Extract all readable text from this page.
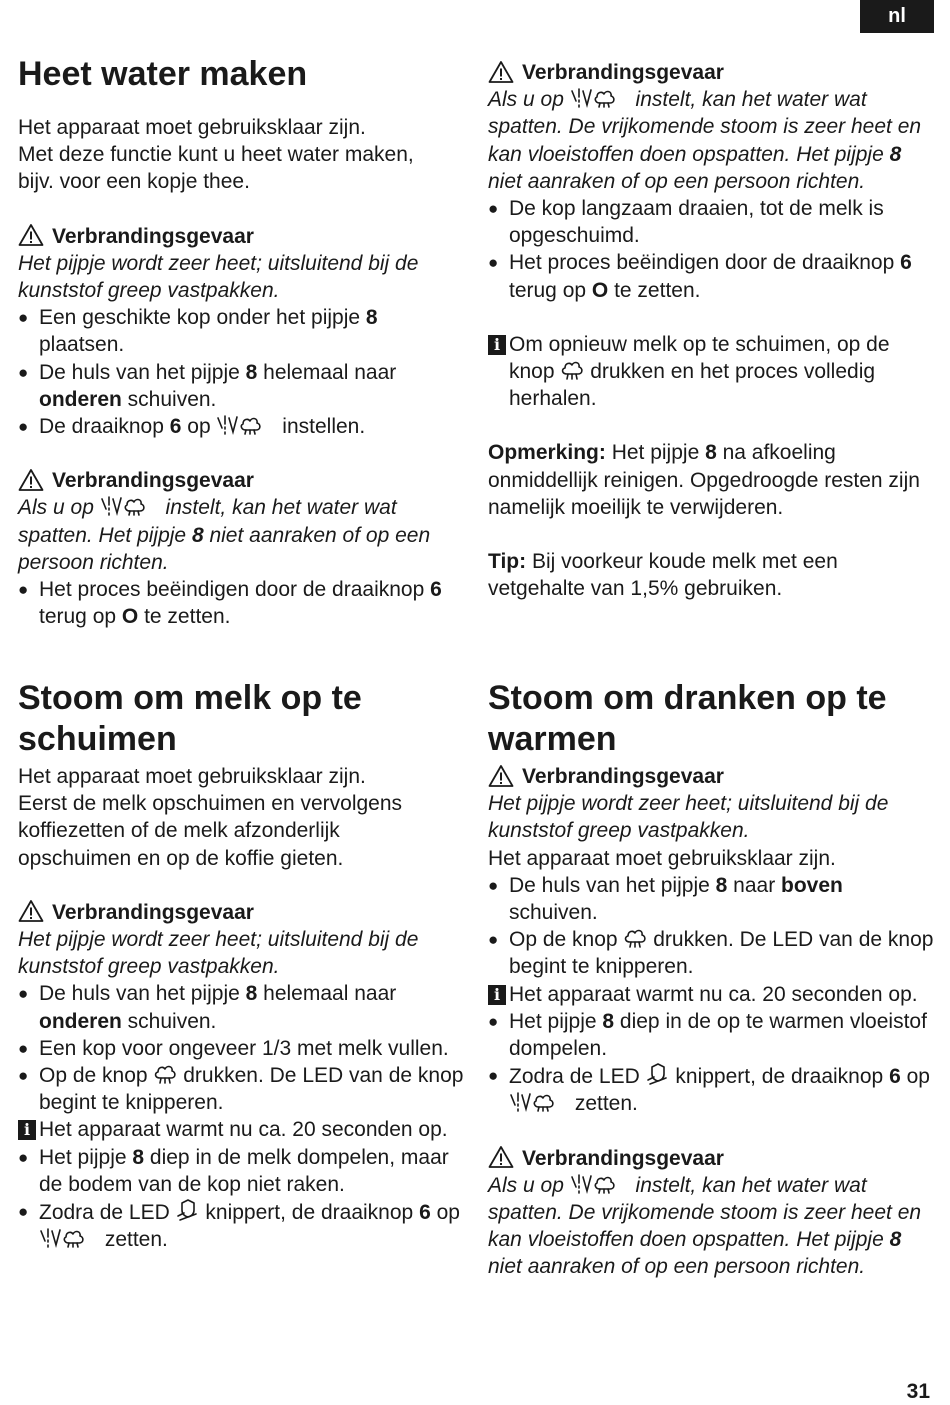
nl
31
Heet water maken

Het apparaat moet gebruiksklaar zijn.

Met deze functie kunt u heet water maken,

bijv. voor een kopje thee.

Verbrandingsgevaar

Het pijpje wordt zeer heet; uitsluitend bij de kunststof greep vastpakken.

● Een geschikte kop onder het pijpje 8 plaatsen.

● De huls van het pijpje 8 helemaal naar onderen schuiven.

● De draaiknop 6 op	instellen.

Verbrandingsgevaar

Als u op	instelt, kan het water wat spatten. Het pijpje 8 niet aanraken of op een persoon richten.

● Het proces beëindigen door de draaiknop 6 terug op O te zetten.

Stoom om melk op te schuimen

Het apparaat moet gebruiksklaar zijn.

Eerst de melk opschuimen en vervolgens

koffiezetten of de melk afzonderlijk

opschuimen en op de koffie gieten.

Verbrandingsgevaar

Het pijpje wordt zeer heet; uitsluitend bij de kunststof greep vastpakken.

● De huls van het pijpje 8 helemaal naar onderen schuiven.

● Een kop voor ongeveer 1/3 met melk vullen.

● Op de knop  drukken. De LED van de knop begint te knipperen.

i Het apparaat warmt nu ca. 20 seconden op.

● Het pijpje 8 diep in de melk dompelen, maar de bodem van de kop niet raken.

● Zodra de LED  knippert, de draaiknop 6 op  zetten.

Verbrandingsgevaar

Als u op	instelt, kan het water wat spatten. De vrijkomende stoom is zeer heet en kan vloeistoffen doen opspatten. Het pijpje 8 niet aanraken of op een persoon richten.

● De kop langzaam draaien, tot de melk is opgeschuimd.

● Het proces beëindigen door de draaiknop 6 terug op O te zetten.

i Om opnieuw melk op te schuimen, op de knop  drukken en het proces volledig herhalen.

Opmerking: Het pijpje 8 na afkoeling onmiddellijk reinigen. Opgedroogde resten zijn namelijk moeilijk te verwijderen.

Tip: Bij voorkeur koude melk met een vetgehalte van 1,5% gebruiken.

Stoom om dranken op te warmen

Verbrandingsgevaar

Het pijpje wordt zeer heet; uitsluitend bij de kunststof greep vastpakken.

Het apparaat moet gebruiksklaar zijn.

● De huls van het pijpje 8 naar boven schuiven.

● Op de knop  drukken. De LED van de knop begint te knipperen.

i Het apparaat warmt nu ca. 20 seconden op.

● Het pijpje 8 diep in de op te warmen vloeistof dompelen.

● Zodra de LED  knippert, de draaiknop 6 op  zetten.

Verbrandingsgevaar

Als u op	instelt, kan het water wat spatten. De vrijkomende stoom is zeer heet en kan vloeistoffen doen opspatten. Het pijpje 8 niet aanraken of op een persoon richten.
